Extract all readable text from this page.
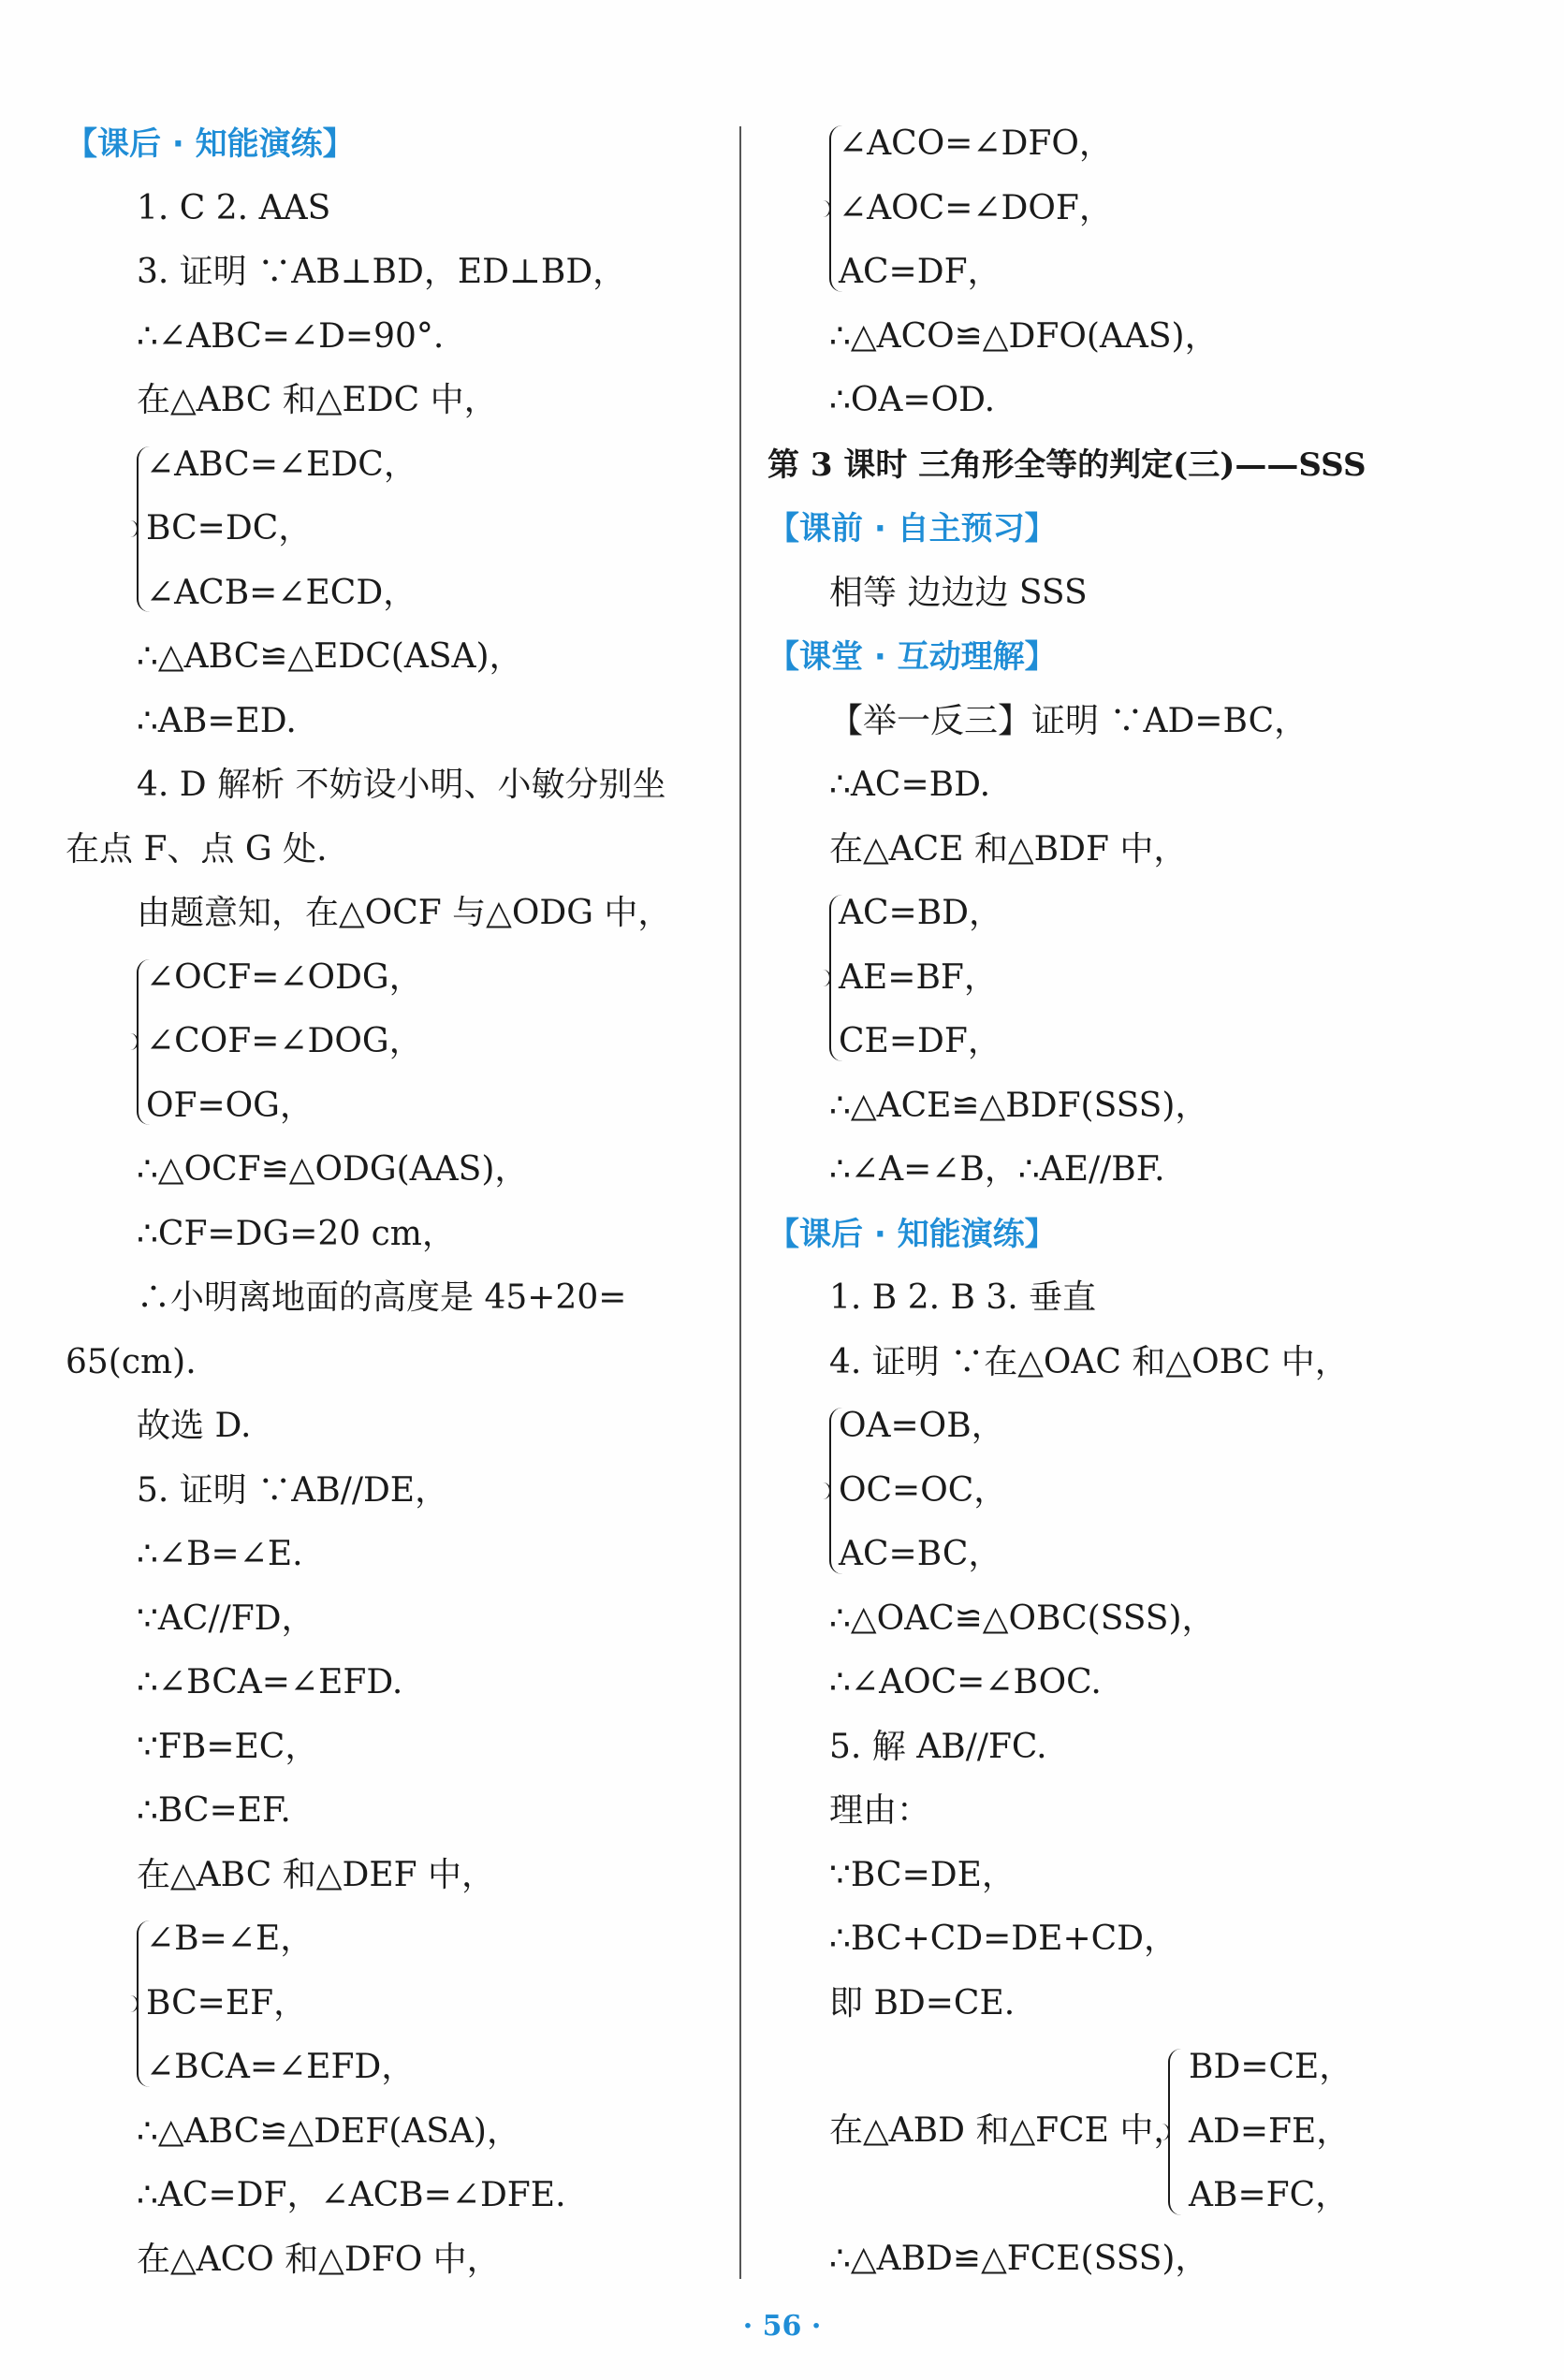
【课后 · 知能演练】
1. C 2. AAS
3. 证明 ∵AB⊥BD，ED⊥BD，
∴∠ABC=∠D=90°.
在△ABC 和△EDC 中，
∠ABC=∠EDC，
BC=DC，
∠ACB=∠ECD，
∴△ABC≌△EDC(ASA)，
∴AB=ED.
4. D 解析 不妨设小明、小敏分别坐
在点 F、点 G 处.
由题意知，在△OCF 与△ODG 中，
∠OCF=∠ODG，
∠COF=∠DOG，
OF=OG，
∴△OCF≌△ODG(AAS)，
∴CF=DG=20 cm，
∴小明离地面的高度是 45+20=
65(cm).
故选 D.
5. 证明 ∵AB//DE，
∴∠B=∠E.
∵AC//FD，
∴∠BCA=∠EFD.
∵FB=EC，
∴BC=EF.
在△ABC 和△DEF 中，
∠B=∠E，
BC=EF，
∠BCA=∠EFD，
∴△ABC≌△DEF(ASA)，
∴AC=DF，∠ACB=∠DFE.
在△ACO 和△DFO 中，
∠ACO=∠DFO，
∠AOC=∠DOF，
AC=DF，
∴△ACO≌△DFO(AAS)，
∴OA=OD.
第 3 课时 三角形全等的判定(三)——SSS
【课前 · 自主预习】
相等 边边边 SSS
【课堂 · 互动理解】
【举一反三】证明 ∵AD=BC，
∴AC=BD.
在△ACE 和△BDF 中，
AC=BD，
AE=BF，
CE=DF，
∴△ACE≌△BDF(SSS)，
∴∠A=∠B，∴AE//BF.
【课后 · 知能演练】
1. B 2. B 3. 垂直
4. 证明 ∵在△OAC 和△OBC 中，
OA=OB，
OC=OC，
AC=BC，
∴△OAC≌△OBC(SSS)，
∴∠AOC=∠BOC.
5. 解 AB//FC.
理由：
∵BC=DE，
∴BC+CD=DE+CD，
即 BD=CE.
在△ABD 和△FCE 中，
BD=CE，
AD=FE，
AB=FC，
∴△ABD≌△FCE(SSS)，
· 56 ·
